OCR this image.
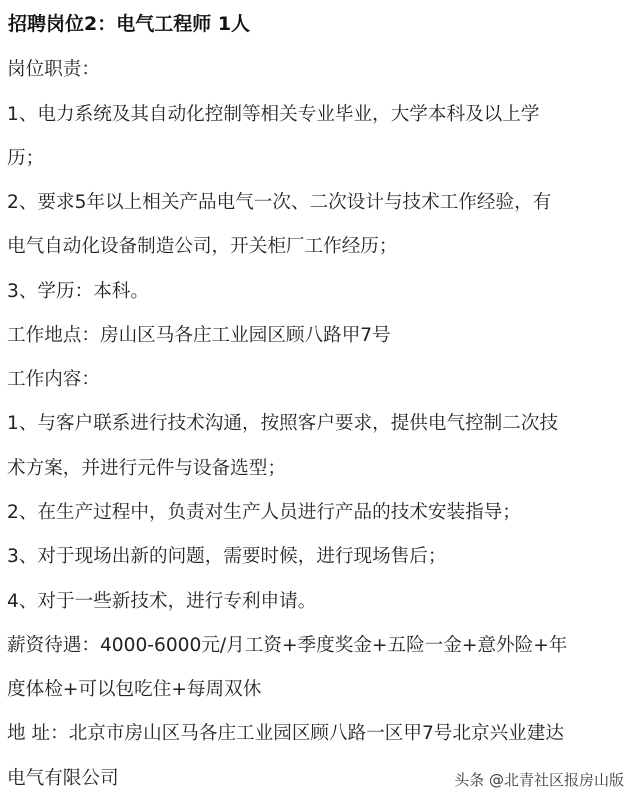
招聘岗位2：电气工程师 1人
岗位职责：
1、电力系统及其自动化控制等相关专业毕业，大学本科及以上学
历；
2、要求5年以上相关产品电气一次、二次设计与技术工作经验，有
电气自动化设备制造公司，开关柜厂工作经历；
3、学历：本科。
工作地点：房山区马各庄工业园区顾八路甲7号
工作内容：
1、与客户联系进行技术沟通，按照客户要求，提供电气控制二次技
术方案，并进行元件与设备选型；
2、在生产过程中，负责对生产人员进行产品的技术安装指导；
3、对于现场出新的问题，需要时候，进行现场售后；
4、对于一些新技术，进行专利申请。
薪资待遇：4000-6000元/月工资+季度奖金+五险一金+意外险+年
度体检+可以包吃住+每周双休
地 址：北京市房山区马各庄工业园区顾八路一区甲7号北京兴业建达
电气有限公司	头条 @北青社区报房山版
